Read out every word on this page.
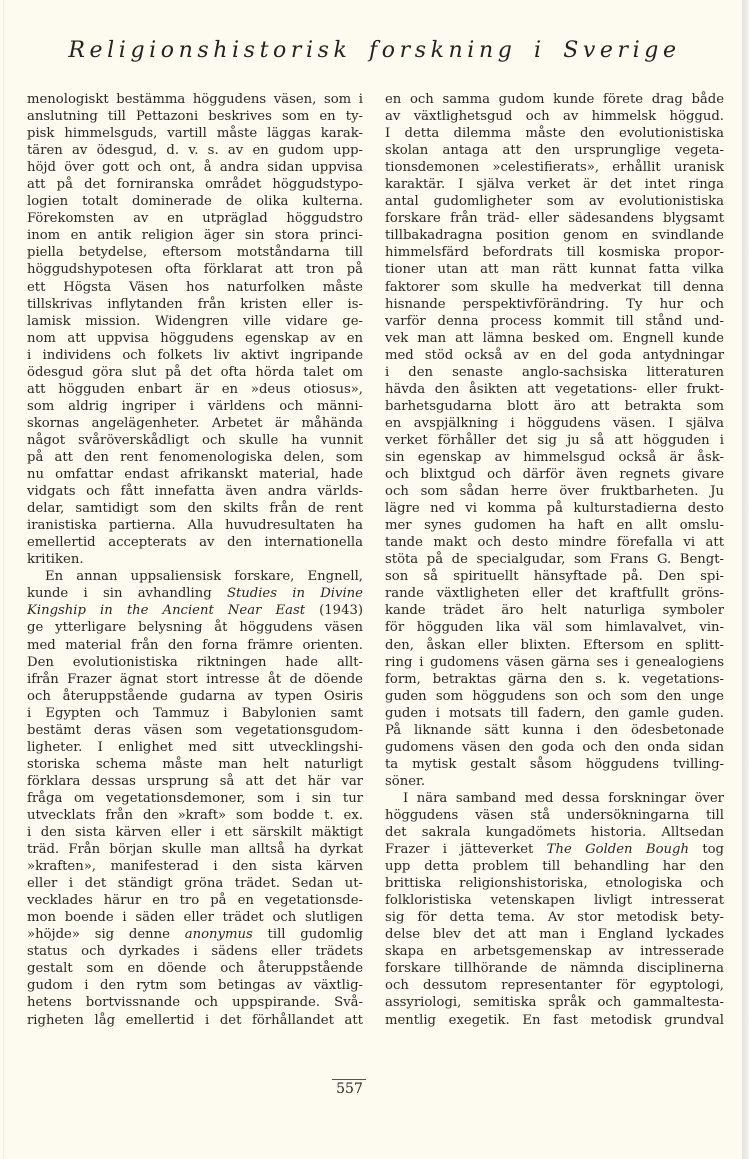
Religionshistorisk forskning i Sverige
menologiskt bestämma höggudens väsen, som i
anslutning till Pettazoni beskrives som en ty-
pisk himmelsguds, vartill måste läggas karak-
tären av ödesgud, d. v. s. av en gudom upp-
höjd över gott och ont, å andra sidan uppvisa
att på det forniranska området höggudstypo-
logien totalt dominerade de olika kulterna.
Förekomsten av en utpräglad höggudstro
inom en antik religion äger sin stora princi-
piella betydelse, eftersom motståndarna till
höggudshypotesen ofta förklarat att tron på
ett Högsta Väsen hos naturfolken måste
tillskrivas inflytanden från kristen eller is-
lamisk mission. Widengren ville vidare ge-
nom att uppvisa höggudens egenskap av en
i individens och folkets liv aktivt ingripande
ödesgud göra slut på det ofta hörda talet om
att högguden enbart är en »deus otiosus»,
som aldrig ingriper i världens och männi-
skornas angelägenheter. Arbetet är måhända
något svåröverskådligt och skulle ha vunnit
på att den rent fenomenologiska delen, som
nu omfattar endast afrikanskt material, hade
vidgats och fått innefatta även andra världs-
delar, samtidigt som den skilts från de rent
iranistiska partierna. Alla huvudresultaten ha
emellertid accepterats av den internationella
kritiken.
En annan uppsaliensisk forskare, Engnell,
kunde i sin avhandling Studies in Divine
Kingship in the Ancient Near East (1943)
ge ytterligare belysning åt höggudens väsen
med material från den forna främre orienten.
Den evolutionistiska riktningen hade allt-
ifrån Frazer ägnat stort intresse åt de döende
och återuppstående gudarna av typen Osiris
i Egypten och Tammuz i Babylonien samt
bestämt deras väsen som vegetationsgudom-
ligheter. I enlighet med sitt utvecklingshi-
storiska schema måste man helt naturligt
förklara dessas ursprung så att det här var
fråga om vegetationsdemoner, som i sin tur
utvecklats från den »kraft» som bodde t. ex.
i den sista kärven eller i ett särskilt mäktigt
träd. Från början skulle man alltså ha dyrkat
»kraften», manifesterad i den sista kärven
eller i det ständigt gröna trädet. Sedan ut-
vecklades härur en tro på en vegetationsde-
mon boende i säden eller trädet och slutligen
»höjde» sig denne anonymus till gudomlig
status och dyrkades i sädens eller trädets
gestalt som en döende och återuppstående
gudom i den rytm som betingas av växtlig-
hetens bortvissnande och uppspirande. Svå-
righeten låg emellertid i det förhållandet att
en och samma gudom kunde förete drag både
av växtlighetsgud och av himmelsk höggud.
I detta dilemma måste den evolutionistiska
skolan antaga att den ursprunglige vegeta-
tionsdemonen »celestifierats», erhållit uranisk
karaktär. I själva verket är det intet ringa
antal gudomligheter som av evolutionistiska
forskare från träd- eller sädesandens blygsamt
tillbakadragna position genom en svindlande
himmelsfärd befordrats till kosmiska propor-
tioner utan att man rätt kunnat fatta vilka
faktorer som skulle ha medverkat till denna
hisnande perspektivförändring. Ty hur och
varför denna process kommit till stånd und-
vek man att lämna besked om. Engnell kunde
med stöd också av en del goda antydningar
i den senaste anglo-sachsiska litteraturen
hävda den åsikten att vegetations- eller frukt-
barhetsgudarna blott äro att betrakta som
en avspjälkning i höggudens väsen. I själva
verket förhåller det sig ju så att högguden i
sin egenskap av himmelsgud också är åsk-
och blixtgud och därför även regnets givare
och som sådan herre över fruktbarheten. Ju
lägre ned vi komma på kulturstadierna desto
mer synes gudomen ha haft en allt omslu-
tande makt och desto mindre förefalla vi att
stöta på de specialgudar, som Frans G. Bengt-
son så spirituellt hänsyftade på. Den spi-
rande växtligheten eller det kraftfullt gröns-
kande trädet äro helt naturliga symboler
för högguden lika väl som himlavalvet, vin-
den, åskan eller blixten. Eftersom en splitt-
ring i gudomens väsen gärna ses i genealogiens
form, betraktas gärna den s. k. vegetations-
guden som höggudens son och som den unge
guden i motsats till fadern, den gamle guden.
På liknande sätt kunna i den ödesbetonade
gudomens väsen den goda och den onda sidan
ta mytisk gestalt såsom höggudens tvilling-
söner.
I nära samband med dessa forskningar över
höggudens väsen stå undersökningarna till
det sakrala kungadömets historia. Alltsedan
Frazer i jätteverket The Golden Bough tog
upp detta problem till behandling har den
brittiska religionshistoriska, etnologiska och
folkloristiska vetenskapen livligt intresserat
sig för detta tema. Av stor metodisk bety-
delse blev det att man i England lyckades
skapa en arbetsgemenskap av intresserade
forskare tillhörande de nämnda disciplinerna
och dessutom representanter för egyptologi,
assyriologi, semitiska språk och gammaltesta-
mentlig exegetik. En fast metodisk grundval
557
